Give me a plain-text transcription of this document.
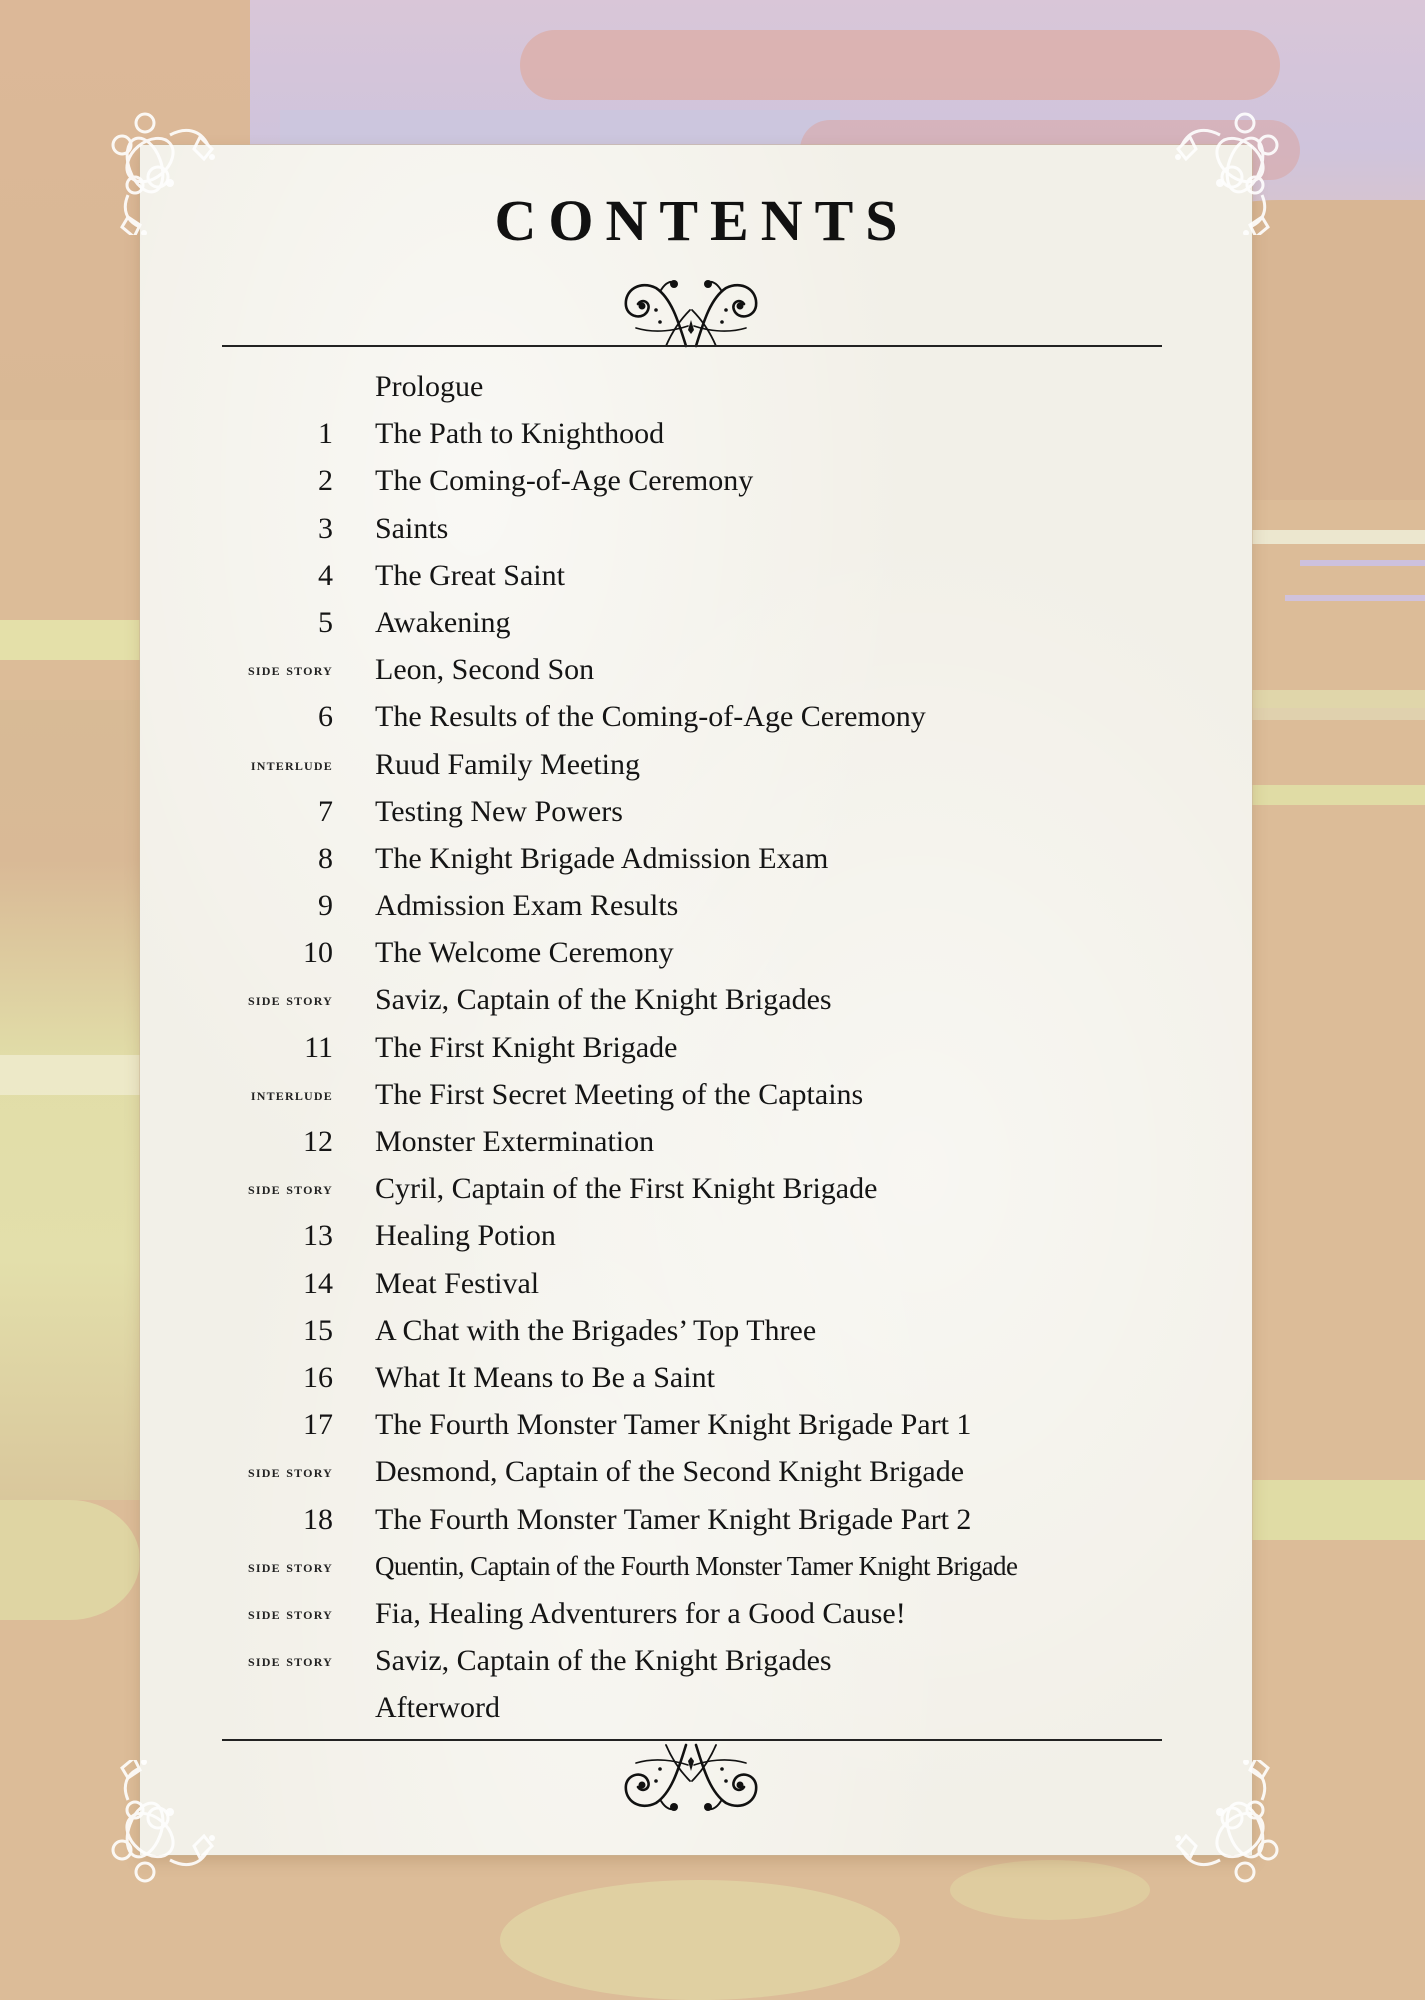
CONTENTS
Prologue
1 The Path to Knighthood
2 The Coming-of-Age Ceremony
3 Saints
4 The Great Saint
5 Awakening
side story Leon, Second Son
6 The Results of the Coming-of-Age Ceremony
interlude Ruud Family Meeting
7 Testing New Powers
8 The Knight Brigade Admission Exam
9 Admission Exam Results
10 The Welcome Ceremony
side story Saviz, Captain of the Knight Brigades
11 The First Knight Brigade
interlude The First Secret Meeting of the Captains
12 Monster Extermination
side story Cyril, Captain of the First Knight Brigade
13 Healing Potion
14 Meat Festival
15 A Chat with the Brigades’ Top Three
16 What It Means to Be a Saint
17 The Fourth Monster Tamer Knight Brigade Part 1
side story Desmond, Captain of the Second Knight Brigade
18 The Fourth Monster Tamer Knight Brigade Part 2
side story Quentin, Captain of the Fourth Monster Tamer Knight Brigade
side story Fia, Healing Adventurers for a Good Cause!
side story Saviz, Captain of the Knight Brigades
Afterword
